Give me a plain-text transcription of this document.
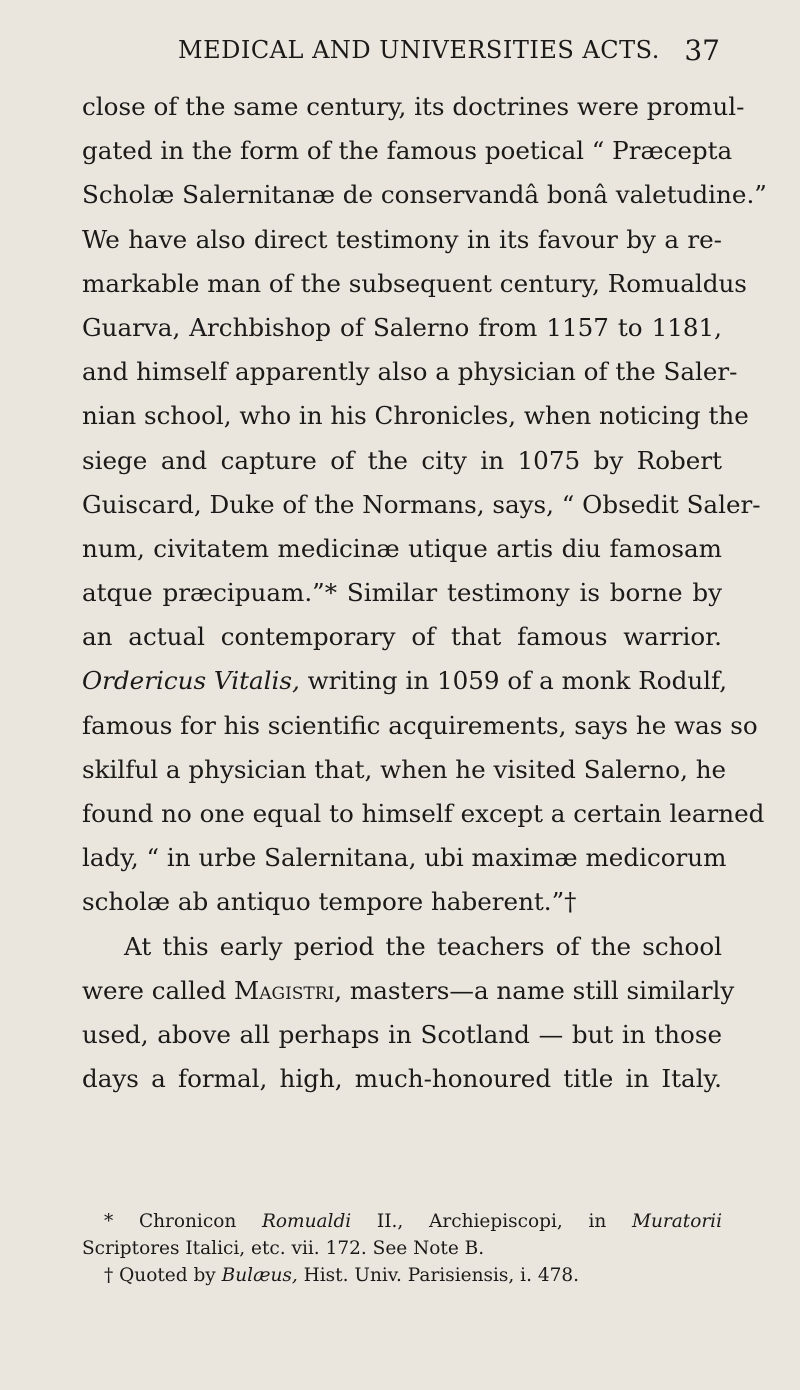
MEDICAL AND UNIVERSITIES ACTS. 37
close of the same century, its doctrines were promul-
gated in the form of the famous poetical “ Præcepta
Scholæ Salernitanæ de conservandâ bonâ valetudine.”
We have also direct testimony in its favour by a re-
markable man of the subsequent century, Romualdus
Guarva, Archbishop of Salerno from 1157 to 1181,
and himself apparently also a physician of the Saler-
nian school, who in his Chronicles, when noticing the
siege and capture of the city in 1075 by Robert
Guiscard, Duke of the Normans, says, “ Obsedit Saler-
num, civitatem medicinæ utique artis diu famosam
atque præcipuam.”* Similar testimony is borne by
an actual contemporary of that famous warrior.
Ordericus Vitalis, writing in 1059 of a monk Rodulf,
famous for his scientific acquirements, says he was so
skilful a physician that, when he visited Salerno, he
found no one equal to himself except a certain learned
lady, “ in urbe Salernitana, ubi maximæ medicorum
scholæ ab antiquo tempore haberent.”†
At this early period the teachers of the school
were called Magistri, masters—a name still similarly
used, above all perhaps in Scotland — but in those
days a formal, high, much-honoured title in Italy.
* Chronicon Romualdi II., Archiepiscopi, in Muratorii
Scriptores Italici, etc. vii. 172. See Note B.
† Quoted by Bulæus, Hist. Univ. Parisiensis, i. 478.
